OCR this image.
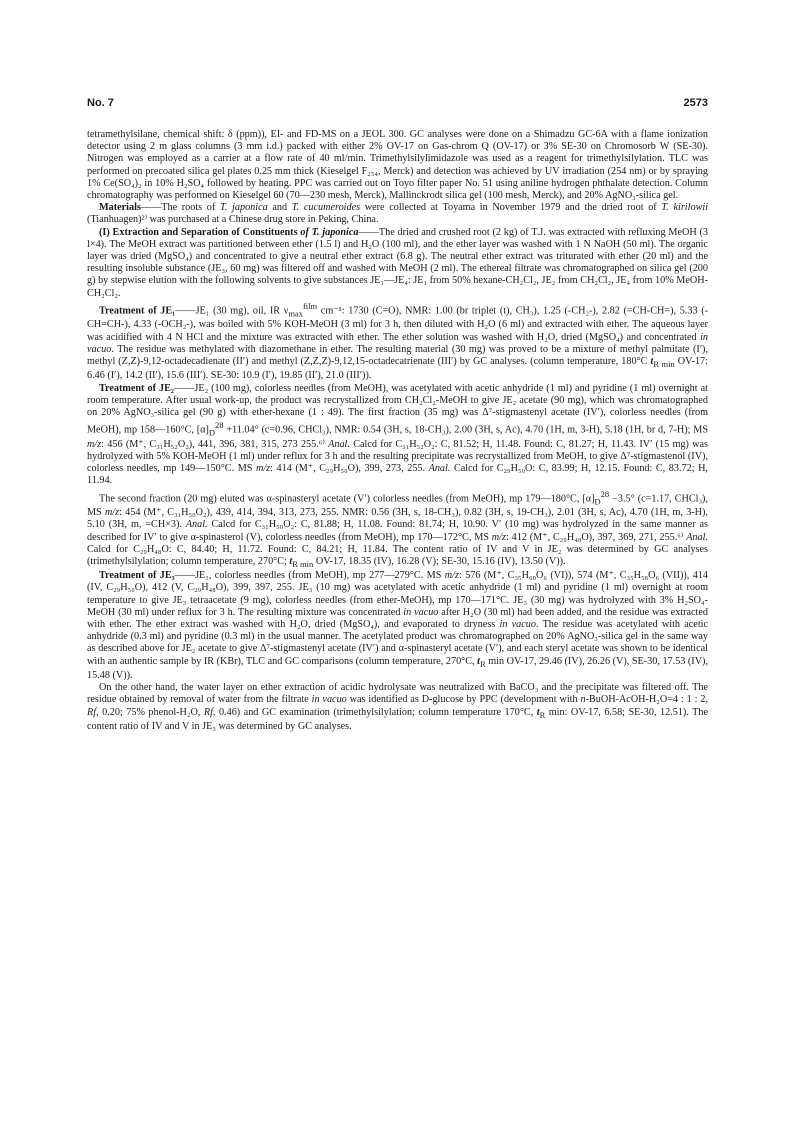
No. 7	2573

tetramethylsilane, chemical shift: δ (ppm)), EI- and FD-MS on a JEOL 300. GC analyses were done on a Shimadzu GC-6A with a flame ionization detector using 2 m glass columns (3 mm i.d.) packed with either 2% OV-17 on Gas-chrom Q (OV-17) or 3% SE-30 on Chromosorb W (SE-30). Nitrogen was employed as a carrier at a flow rate of 40 ml/min. Trimethylsilylimidazole was used as a reagent for trimethylsilylation. TLC was performed on precoated silica gel plates 0.25 mm thick (Kieselgel F₂₅₄, Merck) and detection was achieved by UV irradiation (254 nm) or by spraying 1% Ce(SO₄)₂ in 10% H₂SO₄ followed by heating. PPC was carried out on Toyo filter paper No. 51 using aniline hydrogen phthalate detection. Column chromatography was performed on Kieselgel 60 (70—230 mesh, Merck), Mallinckrodt silica gel (100 mesh, Merck), and 20% AgNO₃-silica gel.

Materials——The roots of T. japonica and T. cucumeroides were collected at Toyama in November 1979 and the dried root of T. kirilowii (Tianhuagen)²⁾ was purchased at a Chinese drug store in Peking, China.

(I) Extraction and Separation of Constituents of T. japonica——The dried and crushed root (2 kg) of T.J. was extracted with refluxing MeOH (3 l×4). The MeOH extract was partitioned between ether (1.5 l) and H₂O (100 ml), and the ether layer was washed with 1 N NaOH (50 ml). The organic layer was dried (MgSO₄) and concentrated to give a neutral ether extract (6.8 g). The neutral ether extract was triturated with ether (20 ml) and the resulting insoluble substance (JE₃, 60 mg) was filtered off and washed with MeOH (2 ml). The ethereal filtrate was chromatographed on silica gel (200 g) by stepwise elution with the following solvents to give substances JE₁—JE₄: JE₁ from 50% hexane-CH₂Cl₂, JE₂ from CH₂Cl₂, JE₄ from 10% MeOH-CH₂Cl₂.

Treatment of JE₁——JE₁ (30 mg), oil, IR $\nu_{max}^{film}$ cm⁻¹: 1730 (C=O), NMR: 1.00 (br triplet (t), CH₃), 1.25 (-CH₂-), 2.82 (=CH-CH=), 5.33 (-CH=CH-), 4.33 (-OCH₂-), was boiled with 5% KOH-MeOH (3 ml) for 3 h, then diluted with H₂O (6 ml) and extracted with ether. The aqueous layer was acidified with 4 N HCl and the mixture was extracted with ether. The ether solution was washed with H₂O, dried (MgSO₄) and concentrated in vacuo. The residue was methylated with diazomethane in ether. The resulting material (30 mg) was proved to be a mixture of methyl palmitate (I′), methyl (Z,Z)-9,12-octadecadienate (II′) and methyl (Z,Z,Z)-9,12,15-octadecatrienate (III′) by GC analyses. (column temperature, 180°C $t_{R min}$ OV-17: 6.46 (I′), 14.2 (II′), 15.6 (III′). SE-30: 10.9 (I′), 19.85 (II′), 21.0 (III′)).

Treatment of JE₂——JE₂ (100 mg), colorless needles (from MeOH), was acetylated with acetic anhydride (1 ml) and pyridine (1 ml) overnight at room temperature. After usual work-up, the product was recrystallized from CH₂Cl₂-MeOH to give JE₂ acetate (90 mg), which was chromatographed on 20% AgNO₃-silica gel (90 g) with ether-hexane (1 : 49). The first fraction (35 mg) was Δ⁷-stigmastenyl acetate (IV′), colorless needles (from MeOH), mp 158—160°C, $[\alpha]_D^{28} +11.04^\circ$ (c=0.96, CHCl₃), NMR: 0.54 (3H, s, 18-CH₃), 2.00 (3H, s, Ac), 4.70 (1H, m, 3-H), 5.18 (1H, br d, 7-H); MS m/z: 456 (M⁺, C₃₁H₅₂O₂), 441, 396, 381, 315, 273 255.⁶⁾ Anal. Calcd for C₃₁H₅₂O₂: C, 81.52; H, 11.48. Found: C, 81.27; H, 11.43. IV′ (15 mg) was hydrolyzed with 5% KOH-MeOH (1 ml) under reflux for 3 h and the resulting precipitate was recrystallized from MeOH, to give Δ⁷-stigmastenol (IV), colorless needles, mp 149—150°C. MS m/z: 414 (M⁺, C₂₉H₅₀O), 399, 273, 255. Anal. Calcd for C₂₉H₅₀O: C, 83.99; H, 12.15. Found: C, 83.72; H, 11.94.

The second fraction (20 mg) eluted was α-spinasteryl acetate (V′) colorless needles (from MeOH), mp 179—180°C, $[\alpha]_D^{28} -3.5^\circ$ (c=1.17, CHCl₃), MS m/z: 454 (M⁺, C₃₁H₅₀O₂), 439, 414, 394, 313, 273, 255. NMR: 0.56 (3H, s, 18-CH₃), 0.82 (3H, s, 19-CH₃), 2.01 (3H, s, Ac), 4.70 (1H, m, 3-H), 5.10 (3H, m, =CH×3). Anal. Calcd for C₃₁H₅₀O₂: C, 81.88; H, 11.08. Found: 81.74; H, 10.90. V′ (10 mg) was hydrolyzed in the same manner as described for IV′ to give α-spinasterol (V), colorless needles (from MeOH), mp 170—172°C, MS m/z: 412 (M⁺, C₂₉H₄₈O), 397, 369, 271, 255.⁶⁾ Anal. Calcd for C₂₉H₄₈O: C, 84.40; H, 11.72. Found: C, 84.21; H, 11.84. The content ratio of IV and V in JE₂ was determined by GC analyses (trimethylsilylation; column temperature, 270°C; $t_{R min}$ OV-17, 18.35 (IV), 16.28 (V); SE-30, 15.16 (IV), 13.50 (V)).

Treatment of JE₃——JE₃, colorless needles (from MeOH), mp 277—279°C. MS m/z: 576 (M⁺, C₃₅H₆₀O₆ (VI)), 574 (M⁺, C₃₅H₅₈O₆ (VII)), 414 (IV, C₂₉H₅₀O), 412 (V, C₂₉H₄₈O), 399, 397, 255. JE₃ (10 mg) was acetylated with acetic anhydride (1 ml) and pyridine (1 ml) overnight at room temperature to give JE₃ tetraacetate (9 mg), colorless needles (from ether-MeOH), mp 170—171°C. JE₃ (30 mg) was hydrolyzed with 3% H₂SO₄-MeOH (30 ml) under reflux for 3 h. The resulting mixture was concentrated in vacuo after H₂O (30 ml) had been added, and the residue was extracted with ether. The ether extract was washed with H₂O, dried (MgSO₄), and evaporated to dryness in vacuo. The residue was acetylated with acetic anhydride (0.3 ml) and pyridine (0.3 ml) in the usual manner. The acetylated product was chromatographed on 20% AgNO₃-silica gel in the same way as described above for JE₂ acetate to give Δ⁷-stigmastenyl acetate (IV′) and α-spinasteryl acetate (V′), and each steryl acetate was shown to be identical with an authentic sample by IR (KBr), TLC and GC comparisons (column temperature, 270°C, $t_R$ min OV-17, 29.46 (IV), 26.26 (V), SE-30, 17.53 (IV), 15.48 (V)).

On the other hand, the water layer on ether extraction of acidic hydrolysate was neutralized with BaCO₃ and the precipitate was filtered off. The residue obtained by removal of water from the filtrate in vacuo was identified as D-glucose by PPC (development with n-BuOH-AcOH-H₂O=4 : 1 : 2, Rf, 0.20; 75% phenol-H₂O, Rf, 0.46) and GC examination (trimethylsilylation; column temperature 170°C, $t_R$ min: OV-17, 6.58; SE-30, 12.51). The content ratio of IV and V in JE₃ was determined by GC analyses.
